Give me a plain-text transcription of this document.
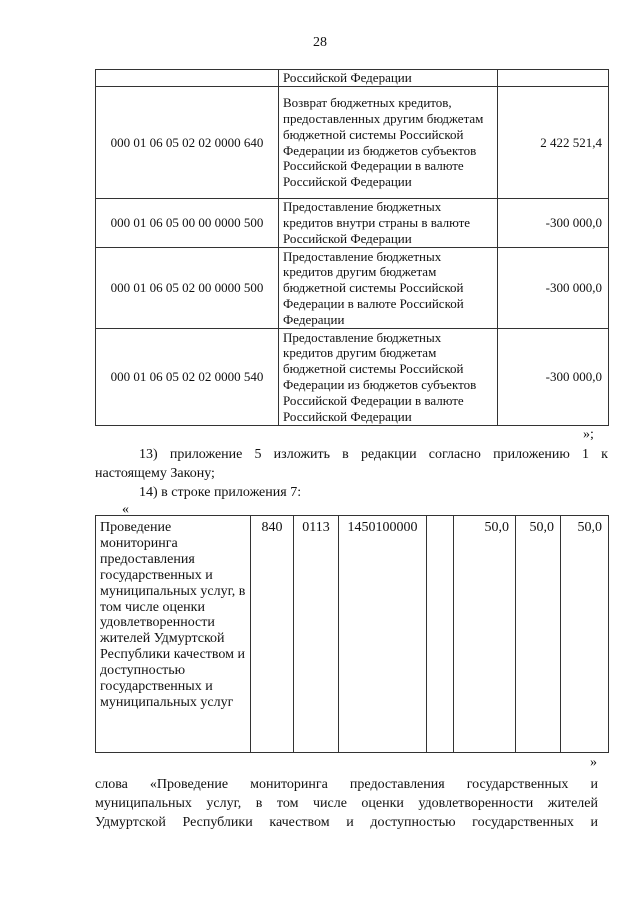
28
	Российской Федерации	
000 01 06 05 02 02 0000 640	Возврат бюджетных кредитов, предоставленных другим бюджетам бюджетной системы Российской Федерации из бюджетов субъектов Российской Федерации в валюте Российской Федерации	2 422 521,4
000 01 06 05 00 00 0000 500	Предоставление бюджетных кредитов внутри страны в валюте Российской Федерации	-300 000,0
000 01 06 05 02 00 0000 500	Предоставление бюджетных кредитов другим бюджетам бюджетной системы Российской Федерации в валюте Российской Федерации	-300 000,0
000 01 06 05 02 02 0000 540	Предоставление бюджетных кредитов другим бюджетам бюджетной системы Российской Федерации из бюджетов субъектов Российской Федерации в валюте Российской Федерации	-300 000,0
»;
13) приложение 5 изложить в редакции согласно приложению 1 к
настоящему Закону;
14) в строке приложения 7:
«
Проведение мониторинга предоставления государственных и муниципальных услуг, в том числе оценки удовлетворенности жителей Удмуртской Республики качеством и доступностью государственных и муниципальных услуг	840	0113	1450100000		50,0	50,0	50,0
»
слова «Проведение мониторинга предоставления государственных и
муниципальных услуг, в том числе оценки удовлетворенности жителей
Удмуртской Республики качеством и доступностью государственных и
